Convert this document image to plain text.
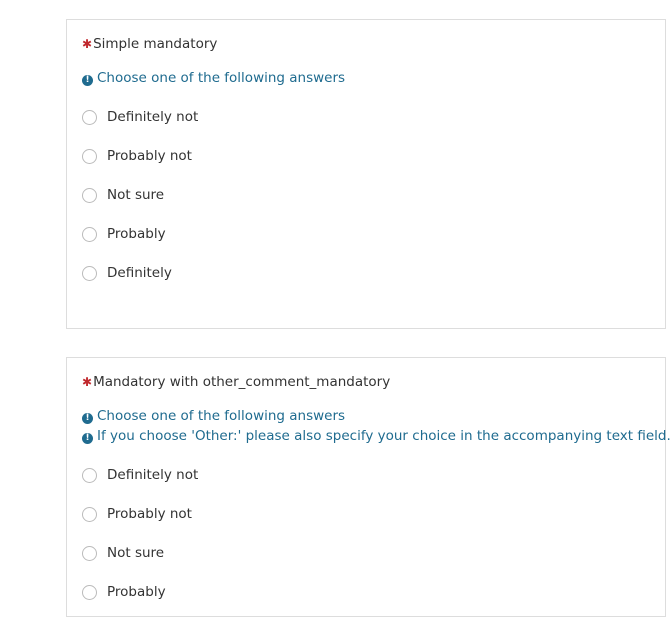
✱Simple mandatory
! Choose one of the following answers
Definitely not
Probably not
Not sure
Probably
Definitely
✱Mandatory with other_comment_mandatory
! Choose one of the following answers
! If you choose 'Other:' please also specify your choice in the accompanying text field.
Definitely not
Probably not
Not sure
Probably
